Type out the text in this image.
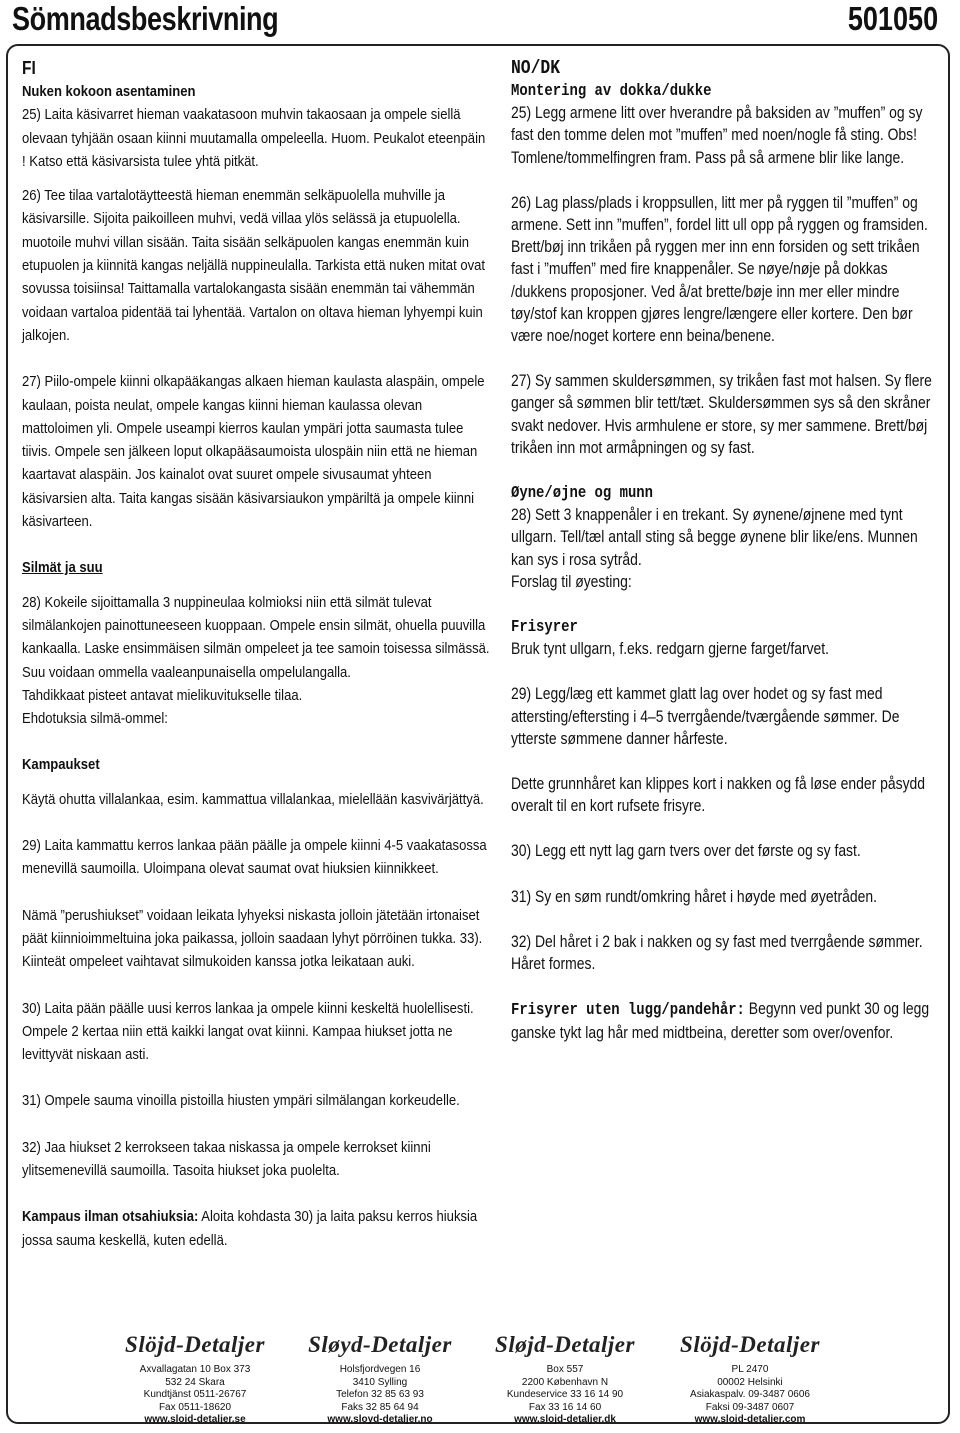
Sömnadsbeskrivning	501050

FI

Nuken kokoon asentaminen

25) Laita käsivarret hieman vaakatasoon muhvin takaosaan ja ompele siellä olevaan tyhjään osaan kiinni muutamalla ompeleella. Huom. Peukalot eteenpäin ! Katso että käsivarsista tulee yhtä pitkät.

26) Tee tilaa vartalotäytteestä hieman enemmän selkäpuolella muhville ja käsivarsille. Sijoita paikoilleen muhvi, vedä villaa ylös selässä ja etupuolella. muotoile muhvi villan sisään. Taita sisään selkäpuolen kangas enemmän kuin etupuolen ja kiinnitä kangas neljällä nuppineulalla. Tarkista että nuken mitat ovat sovussa toisiinsa! Taittamalla vartalokangasta sisään enemmän tai vähemmän voidaan vartaloa pidentää tai lyhentää. Vartalon on oltava hieman lyhyempi kuin jalkojen.

27) Piilo-ompele kiinni olkapääkangas alkaen hieman kaulasta alaspäin, ompele kaulaan, poista neulat, ompele kangas kiinni hieman kaulassa olevan mattoloimen yli. Ompele useampi kierros kaulan ympäri jotta saumasta tulee tiivis. Ompele sen jälkeen loput olkapääsaumoista ulospäin niin että ne hieman kaartavat alaspäin. Jos kainalot ovat suuret ompele sivusaumat yhteen käsivarsien alta. Taita kangas sisään käsivarsiaukon ympäriltä ja ompele kiinni käsivarteen.

Silmät ja suu

28) Kokeile sijoittamalla 3 nuppineulaa kolmioksi niin että silmät tulevat silmälankojen painottuneeseen kuoppaan. Ompele ensin silmät, ohuella puuvilla kankaalla. Laske ensimmäisen silmän ompeleet ja tee samoin toisessa silmässä. Suu voidaan ommella vaaleanpunaisella ompelulangalla.

Tahdikkaat pisteet antavat mielikuvitukselle tilaa.

Ehdotuksia silmä-ommel:

Kampaukset

Käytä ohutta villalankaa, esim. kammattua villalankaa, mielellään kasvivärjättyä.

29) Laita kammattu kerros lankaa pään päälle ja ompele kiinni 4-5 vaakatasossa menevillä saumoilla. Uloimpana olevat saumat ovat hiuksien kiinnikkeet.

Nämä ”perushiukset” voidaan leikata lyhyeksi niskasta jolloin jätetään irtonaiset päät kiinnioimmeltuina joka paikassa, jolloin saadaan lyhyt pörröinen tukka. 33). Kiinteät ompeleet vaihtavat silmukoiden kanssa jotka leikataan auki.

30) Laita pään päälle uusi kerros lankaa ja ompele kiinni keskeltä huolellisesti. Ompele 2 kertaa niin että kaikki langat ovat kiinni. Kampaa hiukset jotta ne levittyvät niskaan asti.

31) Ompele sauma vinoilla pistoilla hiusten ympäri silmälangan korkeudelle.

32) Jaa hiukset 2 kerrokseen takaa niskassa ja ompele kerrokset kiinni ylitsemenevillä saumoilla. Tasoita hiukset joka puolelta.

Kampaus ilman otsahiuksia: Aloita kohdasta 30) ja laita paksu kerros hiuksia jossa sauma keskellä, kuten edellä.

NO/DK

Montering av dokka/dukke

25) Legg armene litt over hverandre på baksiden av ”muffen” og sy fast den tomme delen mot ”muffen” med noen/nogle få sting. Obs! Tomlene/tommelfingren fram. Pass på så armene blir like lange.

26) Lag plass/plads i kroppsullen, litt mer på ryggen til ”muffen” og armene. Sett inn ”muffen”, fordel litt ull opp på ryggen og framsiden. Brett/bøj inn trikåen på ryggen mer inn enn forsiden og sett trikåen fast i ”muffen” med fire knappenåler. Se nøye/nøje på dokkas /dukkens proposjoner. Ved å/at brette/bøje inn mer eller mindre tøy/stof kan kroppen gjøres lengre/længere eller kortere. Den bør være noe/noget kortere enn beina/benene.

27) Sy sammen skuldersømmen, sy trikåen fast mot halsen. Sy flere ganger så sømmen blir tett/tæt. Skuldersømmen sys så den skråner svakt nedover. Hvis armhulene er store, sy mer sammene. Brett/bøj trikåen inn mot armåpningen og sy fast.

Øyne/øjne og munn

28) Sett 3 knappenåler i en trekant. Sy øynene/øjnene med tynt ullgarn. Tell/tæl antall sting så begge øynene blir like/ens. Munnen kan sys i rosa sytråd.

Forslag til øyesting:

Frisyrer

Bruk tynt ullgarn, f.eks. redgarn gjerne farget/farvet.

29) Legg/læg ett kammet glatt lag over hodet og sy fast med attersting/eftersting i 4–5 tverrgående/tværgående sømmer. De ytterste sømmene danner hårfeste.

Dette grunnhåret kan klippes kort i nakken og få løse ender påsydd overalt til en kort rufsete frisyre.

30) Legg ett nytt lag garn tvers over det første og sy fast.

31) Sy en søm rundt/omkring håret i høyde med øyetråden.

32) Del håret i 2 bak i nakken og sy fast med tverrgående sømmer. Håret formes.

Frisyrer uten lugg/pandehår: Begynn ved punkt 30 og legg ganske tykt lag hår med midtbeina, deretter som over/ovenfor.

Slöjd-Detaljer
Axvallagatan 10 Box 373
532 24 Skara
Kundtjänst 0511-26767
Fax 0511-18620
www.slojd-detaljer.se
Sløyd-Detaljer
Holsfjordvegen 16
3410 Sylling
Telefon 32 85 63 93
Faks 32 85 64 94
www.sloyd-detaljer.no
Sløjd-Detaljer
Box 557
2200 København N
Kundeservice 33 16 14 90
Fax 33 16 14 60
www.slojd-detaljer.dk
Slöjd-Detaljer
PL 2470
00002 Helsinki
Asiakaspalv. 09-3487 0606
Faksi 09-3487 0607
www.slojd-detaljer.com
